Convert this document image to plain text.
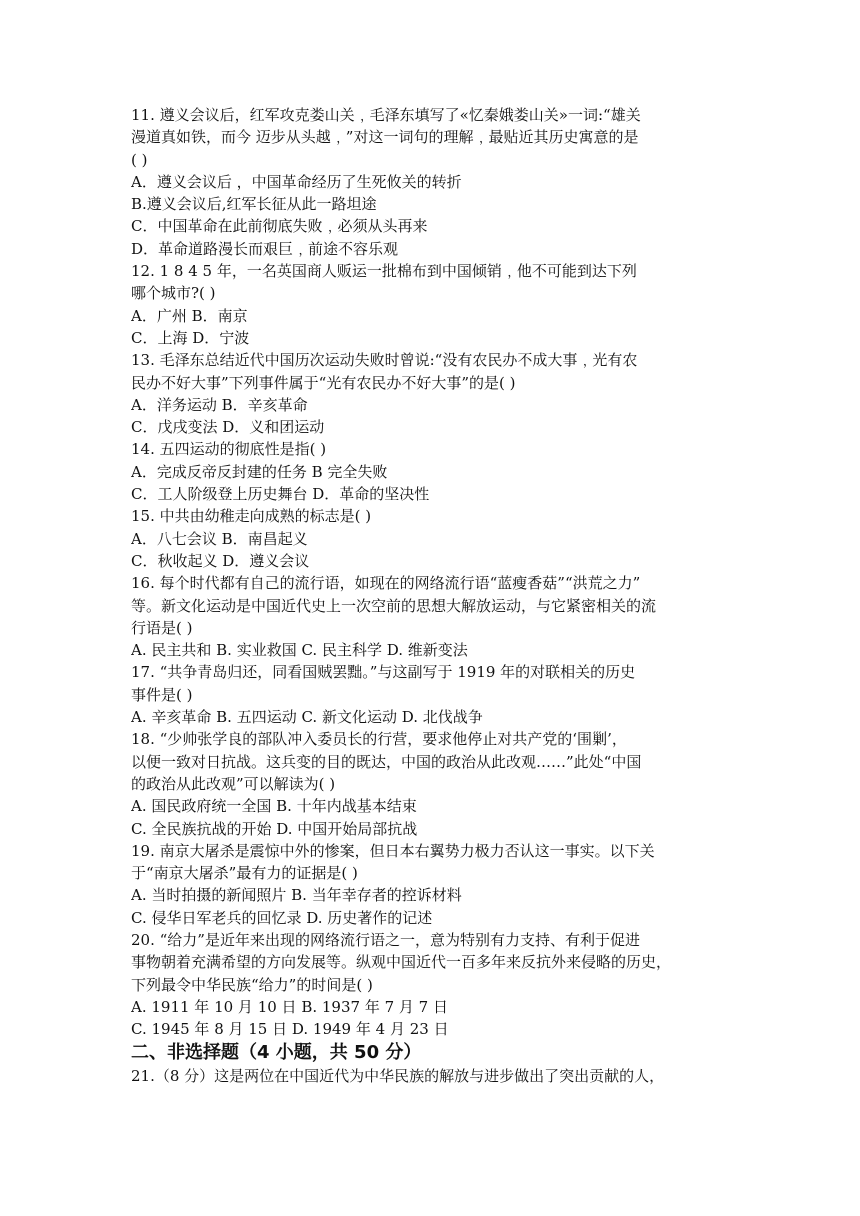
11. 遵义会议后，红军攻克娄山关﹐毛泽东填写了«忆秦娥娄山关»一词:“雄关
漫道真如铁，而今 迈步从头越﹐”对这一词句的理解﹐最贴近其历史寓意的是
( )
A．遵义会议后 ，中国革命经历了生死攸关的转折
B.遵义会议后,红军长征从此一路坦途
C．中国革命在此前彻底失败﹐必须从头再来
D．革命道路漫长而艰巨﹐前途不容乐观
12. 1 8 4 5 年，一名英国商人贩运一批棉布到中国倾销﹐他不可能到达下列
哪个城市?( )
A．广州 B．南京
C．上海 D．宁波
13. 毛泽东总结近代中国历次运动失败时曾说:“没有农民办不成大事﹐光有农
民办不好大事”下列事件属于“光有农民办不好大事”的是( )
A．洋务运动 B．辛亥革命
C．戊戌变法 D．义和团运动
14. 五四运动的彻底性是指( )
A．完成反帝反封建的任务 B 完全失败
C．工人阶级登上历史舞台 D．革命的坚决性
15. 中共由幼稚走向成熟的标志是( )
A．八七会议 B．南昌起义
C．秋收起义 D．遵义会议
16. 每个时代都有自己的流行语，如现在的网络流行语“蓝瘦香菇”“洪荒之力”
等。新文化运动是中国近代史上一次空前的思想大解放运动，与它紧密相关的流
行语是( )
A. 民主共和 B. 实业救国 C. 民主科学 D. 维新变法
17. “共争青岛归还，同看国贼罢黜。”与这副写于 1919 年的对联相关的历史
事件是( )
A. 辛亥革命 B. 五四运动 C. 新文化运动 D. 北伐战争
18. “少帅张学良的部队冲入委员长的行营，要求他停止对共产党的‘围剿’，
以便一致对日抗战。这兵变的目的既达，中国的政治从此改观……”此处“中国
的政治从此改观”可以解读为( )
A. 国民政府统一全国 B. 十年内战基本结束
C. 全民族抗战的开始 D. 中国开始局部抗战
19. 南京大屠杀是震惊中外的惨案，但日本右翼势力极力否认这一事实。以下关
于“南京大屠杀”最有力的证据是( )
A. 当时拍摄的新闻照片 B. 当年幸存者的控诉材料
C. 侵华日军老兵的回忆录 D. 历史著作的记述
20. “给力”是近年来出现的网络流行语之一，意为特别有力支持、有利于促进
事物朝着充满希望的方向发展等。纵观中国近代一百多年来反抗外来侵略的历史，
下列最令中华民族“给力”的时间是( )
A. 1911 年 10 月 10 日 B. 1937 年 7 月 7 日
C. 1945 年 8 月 15 日 D. 1949 年 4 月 23 日
二、非选择题（4 小题，共 50 分）
21.（8 分）这是两位在中国近代为中华民族的解放与进步做出了突出贡献的人，
